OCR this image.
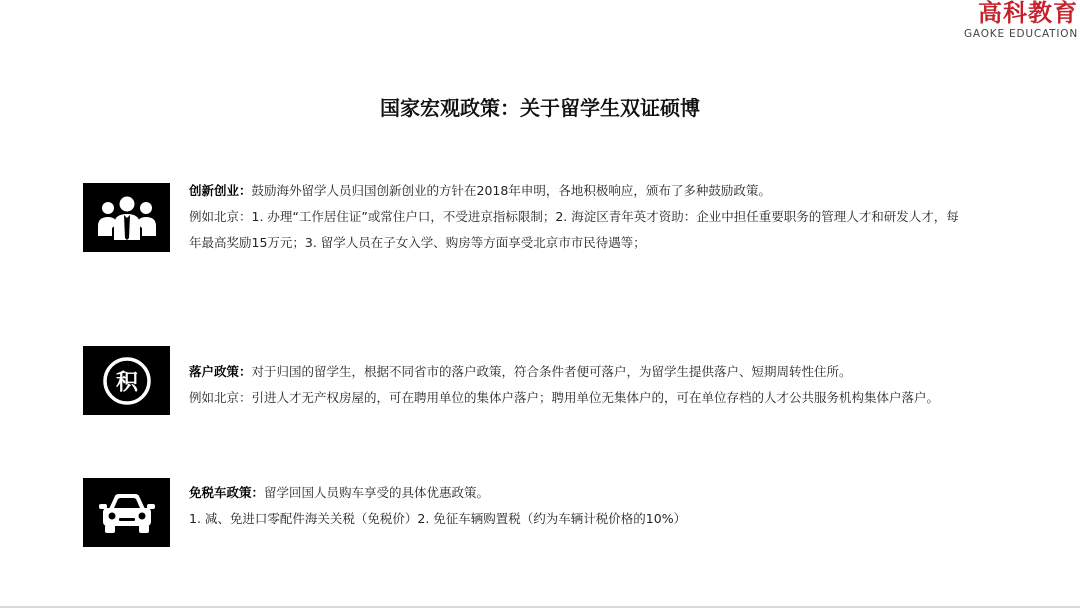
高科教育
GAOKE EDUCATION
国家宏观政策：关于留学生双证硕博
创新创业：鼓励海外留学人员归国创新创业的方针在2018年申明，各地积极响应，颁布了多种鼓励政策。
例如北京：1. 办理“工作居住证”或常住户口，不受进京指标限制；2. 海淀区青年英才资助：企业中担任重要职务的管理人才和研发人才，每
年最高奖励15万元；3. 留学人员在子女入学、购房等方面享受北京市市民待遇等；
积	落户政策：对于归国的留学生，根据不同省市的落户政策，符合条件者便可落户，为留学生提供落户、短期周转性住所。
例如北京：引进人才无产权房屋的，可在聘用单位的集体户落户；聘用单位无集体户的，可在单位存档的人才公共服务机构集体户落户。
免税车政策：留学回国人员购车享受的具体优惠政策。
1. 减、免进口零配件海关关税（免税价）2. 免征车辆购置税（约为车辆计税价格的10%）
